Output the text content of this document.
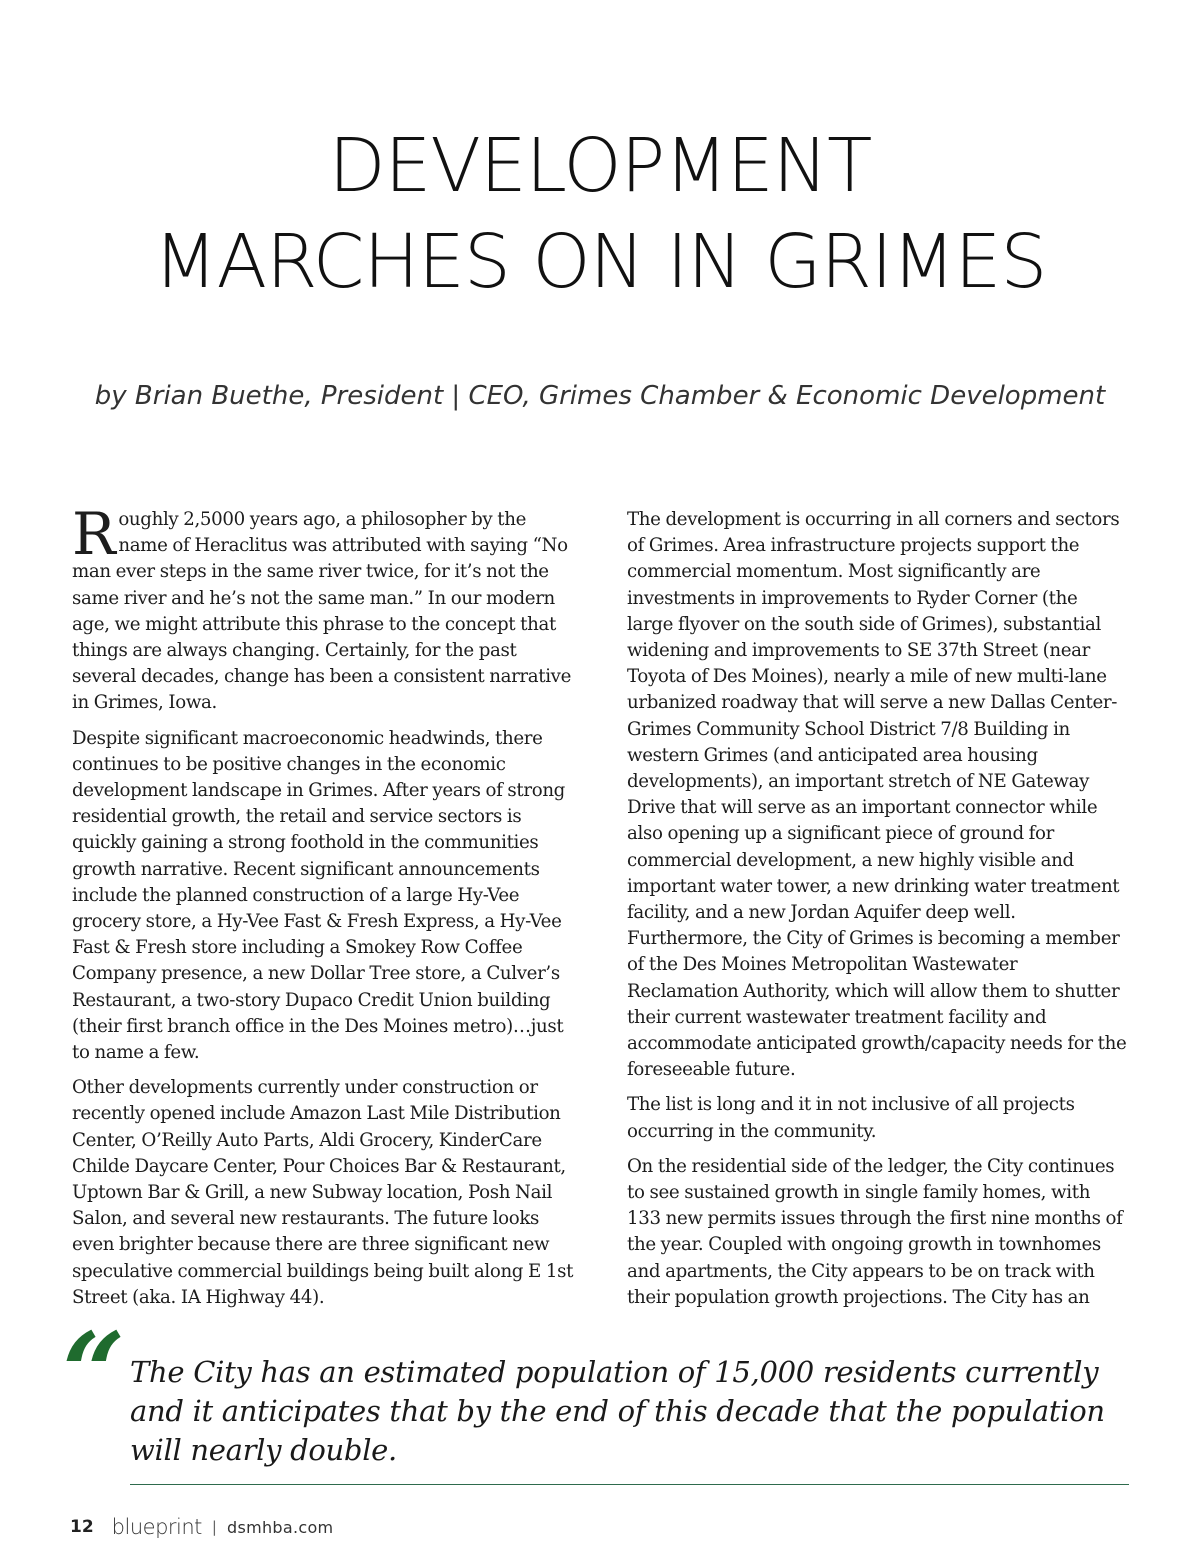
DEVELOPMENT
MARCHES ON IN GRIMES
by Brian Buethe, President | CEO, Grimes Chamber & Economic Development

Roughly 2,5000 years ago, a philosopher by the name of Heraclitus was attributed with saying “No man ever steps in the same river twice, for it’s not the same river and he’s not the same man.” In our modern age, we might attribute this phrase to the concept that things are always changing. Certainly, for the past several decades, change has been a consistent narrative in Grimes, Iowa.

Despite significant macroeconomic headwinds, there continues to be positive changes in the economic development landscape in Grimes. After years of strong residential growth, the retail and service sectors is quickly gaining a strong foothold in the communities growth narrative. Recent significant announcements include the planned construction of a large Hy-Vee grocery store, a Hy-Vee Fast & Fresh Express, a Hy-Vee Fast & Fresh store including a Smokey Row Coffee Company presence, a new Dollar Tree store, a Culver’s Restaurant, a two-story Dupaco Credit Union building (their first branch office in the Des Moines metro)…just to name a few.

Other developments currently under construction or recently opened include Amazon Last Mile Distribution Center, O’Reilly Auto Parts, Aldi Grocery, KinderCare Childe Daycare Center, Pour Choices Bar & Restaurant, Uptown Bar & Grill, a new Subway location, Posh Nail Salon, and several new restaurants. The future looks even brighter because there are three significant new speculative commercial buildings being built along E 1st Street (aka. IA Highway 44).

The development is occurring in all corners and sectors of Grimes. Area infrastructure projects support the commercial momentum. Most significantly are investments in improvements to Ryder Corner (the large flyover on the south side of Grimes), substantial widening and improvements to SE 37th Street (near Toyota of Des Moines), nearly a mile of new multi-lane urbanized roadway that will serve a new Dallas Center-Grimes Community School District 7/8 Building in western Grimes (and anticipated area housing developments), an important stretch of NE Gateway Drive that will serve as an important connector while also opening up a significant piece of ground for commercial development, a new highly visible and important water tower, a new drinking water treatment facility, and a new Jordan Aquifer deep well. Furthermore, the City of Grimes is becoming a member of the Des Moines Metropolitan Wastewater Reclamation Authority, which will allow them to shutter their current wastewater treatment facility and accommodate anticipated growth/capacity needs for the foreseeable future.

The list is long and it in not inclusive of all projects occurring in the community.

On the residential side of the ledger, the City continues to see sustained growth in single family homes, with 133 new permits issues through the first nine months of the year. Coupled with ongoing growth in townhomes and apartments, the City appears to be on track with their population growth projections. The City has an

“ The City has an estimated population of 15,000 residents currently and it anticipates that by the end of this decade that the population will nearly double.
12 blueprint | dsmhba.com
